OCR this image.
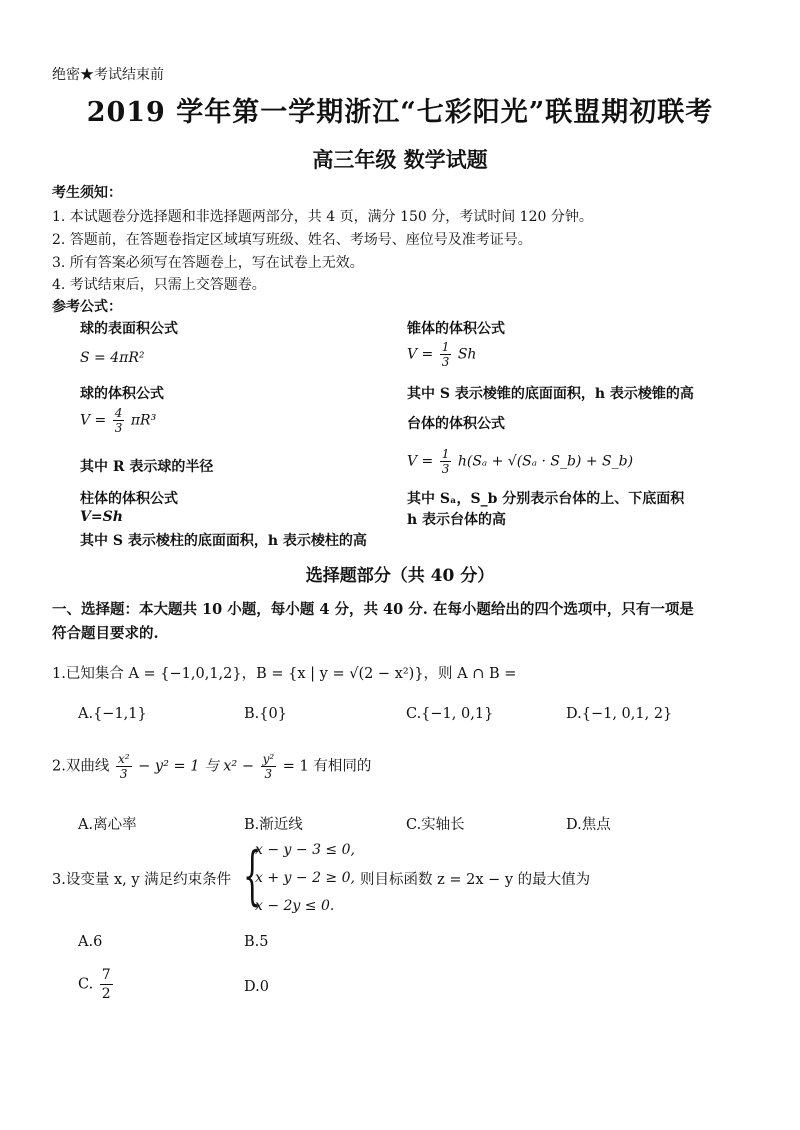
绝密★考试结束前
2019 学年第一学期浙江“七彩阳光”联盟期初联考
高三年级 数学试题
考生须知：
1. 本试题卷分选择题和非选择题两部分，共 4 页，满分 150 分，考试时间 120 分钟。
2. 答题前，在答题卷指定区域填写班级、姓名、考场号、座位号及准考证号。
3. 所有答案必须写在答题卷上，写在试卷上无效。
4. 考试结束后，只需上交答题卷。
参考公式：
球的表面积公式
S = 4πR²
球的体积公式
$V = \frac{4}{3} \pi R^3$
其中 R 表示球的半径
柱体的体积公式
V=Sh
其中 S 表示棱柱的底面面积，h 表示棱柱的高
锥体的体积公式
$V = \frac{1}{3}$ Sh
其中 S 表示棱锥的底面面积，h 表示棱锥的高
台体的体积公式
$V = \frac{1}{3} h(S_a + √(S_a$ · S_b) + S_b)
其中 Sₐ，S_b 分别表示台体的上、下底面积
h 表示台体的高
选择题部分（共 40 分）
一、选择题：本大题共 10 小题，每小题 4 分，共 40 分. 在每小题给出的四个选项中，只有一项是
符合题目要求的.
1.已知集合 A = {−1,0,1,2}，B = {x | y = √(2 − x²)}，则 A ∩ B =
A.{−1,1}	B.{0}	C.{−1, 0,1}	D.{−1, 0,1, 2}
2.双曲线 $\frac{\text{x²}}{3} - y^2 = 1$ 与 $x^2 - \frac{\text{y²}}{3} = 1$ 有相同的
A.离心率	B.渐近线	C.实轴长	D.焦点
3.设变量 x, y 满足约束条件 {
x − y − 3 ≤ 0,
x + y − 2 ≥ 0,
x − 2y ≤ 0.
则目标函数 z = 2x − y 的最大值为
A.6	B.5
C. $\frac{7}{2}$	D.0
